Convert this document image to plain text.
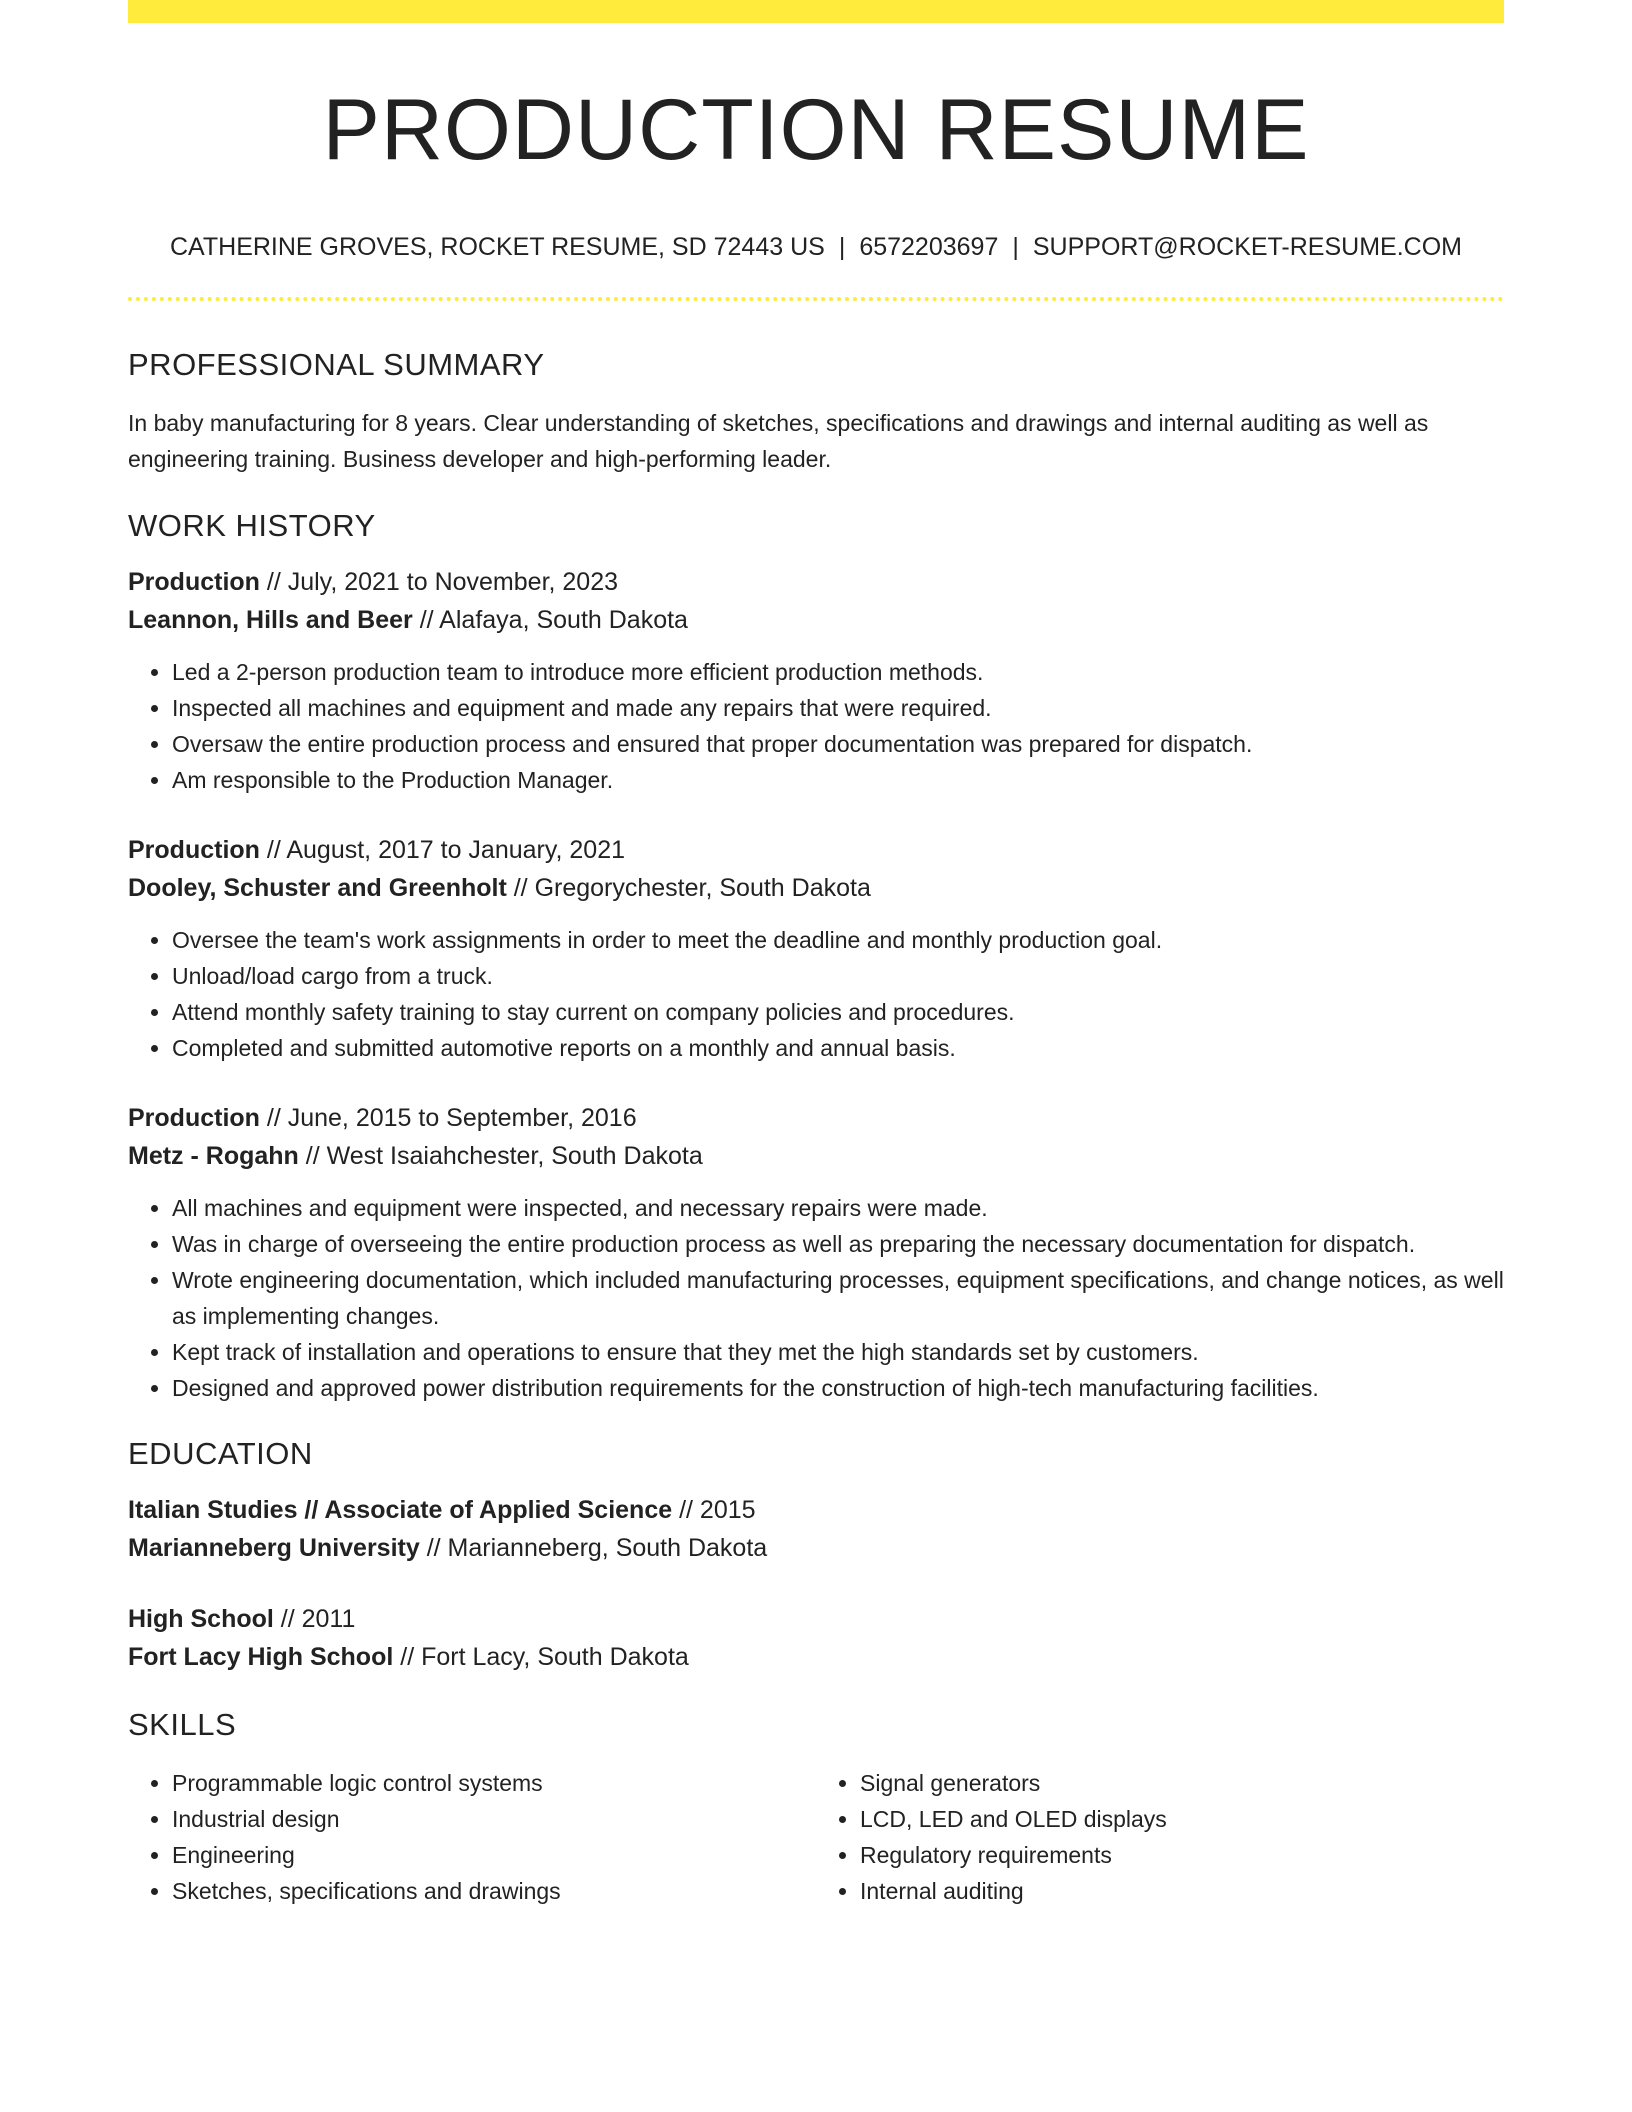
PRODUCTION RESUME
CATHERINE GROVES, ROCKET RESUME, SD 72443 US | 6572203697 | SUPPORT@ROCKET-RESUME.COM
PROFESSIONAL SUMMARY

In baby manufacturing for 8 years. Clear understanding of sketches, specifications and drawings and internal auditing as well as engineering training. Business developer and high-performing leader.

WORK HISTORY

Production // July, 2021 to November, 2023

Leannon, Hills and Beer // Alafaya, South Dakota

• Led a 2-person production team to introduce more efficient production methods.
• Inspected all machines and equipment and made any repairs that were required.
• Oversaw the entire production process and ensured that proper documentation was prepared for dispatch.
• Am responsible to the Production Manager.

Production // August, 2017 to January, 2021

Dooley, Schuster and Greenholt // Gregorychester, South Dakota

• Oversee the team's work assignments in order to meet the deadline and monthly production goal.
• Unload/load cargo from a truck.
• Attend monthly safety training to stay current on company policies and procedures.
• Completed and submitted automotive reports on a monthly and annual basis.

Production // June, 2015 to September, 2016

Metz - Rogahn // West Isaiahchester, South Dakota

• All machines and equipment were inspected, and necessary repairs were made.
• Was in charge of overseeing the entire production process as well as preparing the necessary documentation for dispatch.
• Wrote engineering documentation, which included manufacturing processes, equipment specifications, and change notices, as well as implementing changes.
• Kept track of installation and operations to ensure that they met the high standards set by customers.
• Designed and approved power distribution requirements for the construction of high-tech manufacturing facilities.
EDUCATION

Italian Studies // Associate of Applied Science // 2015

Marianneberg University // Marianneberg, South Dakota

High School // 2011

Fort Lacy High School // Fort Lacy, South Dakota

SKILLS
• Programmable logic control systems
• Industrial design
• Engineering
• Sketches, specifications and drawings
• Signal generators
• LCD, LED and OLED displays
• Regulatory requirements
• Internal auditing
